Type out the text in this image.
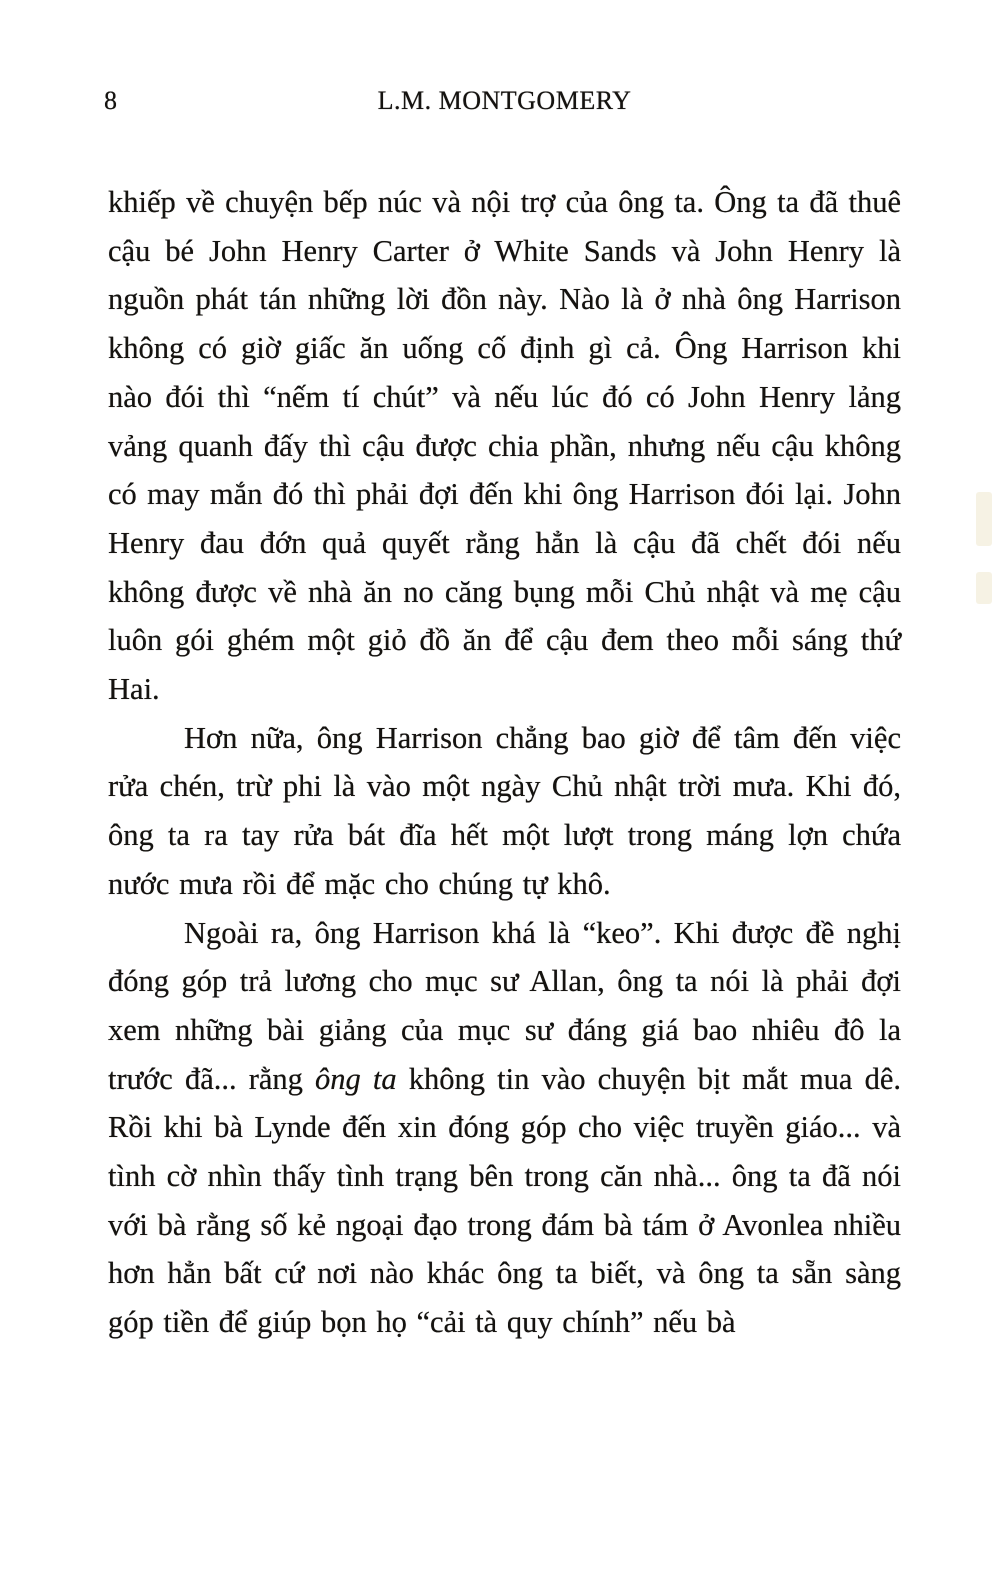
8	L.M. MONTGOMERY

khiếp về chuyện bếp núc và nội trợ của ông ta. Ông ta đã thuê cậu bé John Henry Carter ở White Sands và John Henry là nguồn phát tán những lời đồn này. Nào là ở nhà ông Harrison không có giờ giấc ăn uống cố định gì cả. Ông Harrison khi nào đói thì “nếm tí chút” và nếu lúc đó có John Henry lảng vảng quanh đấy thì cậu được chia phần, nhưng nếu cậu không có may mắn đó thì phải đợi đến khi ông Harrison đói lại. John Henry đau đớn quả quyết rằng hẳn là cậu đã chết đói nếu không được về nhà ăn no căng bụng mỗi Chủ nhật và mẹ cậu luôn gói ghém một giỏ đồ ăn để cậu đem theo mỗi sáng thứ Hai.

Hơn nữa, ông Harrison chẳng bao giờ để tâm đến việc rửa chén, trừ phi là vào một ngày Chủ nhật trời mưa. Khi đó, ông ta ra tay rửa bát đĩa hết một lượt trong máng lợn chứa nước mưa rồi để mặc cho chúng tự khô.

Ngoài ra, ông Harrison khá là “keo”. Khi được đề nghị đóng góp trả lương cho mục sư Allan, ông ta nói là phải đợi xem những bài giảng của mục sư đáng giá bao nhiêu đô la trước đã... rằng ông ta không tin vào chuyện bịt mắt mua dê. Rồi khi bà Lynde đến xin đóng góp cho việc truyền giáo... và tình cờ nhìn thấy tình trạng bên trong căn nhà... ông ta đã nói với bà rằng số kẻ ngoại đạo trong đám bà tám ở Avonlea nhiều hơn hẳn bất cứ nơi nào khác ông ta biết, và ông ta sẵn sàng góp tiền để giúp bọn họ “cải tà quy chính” nếu bà
